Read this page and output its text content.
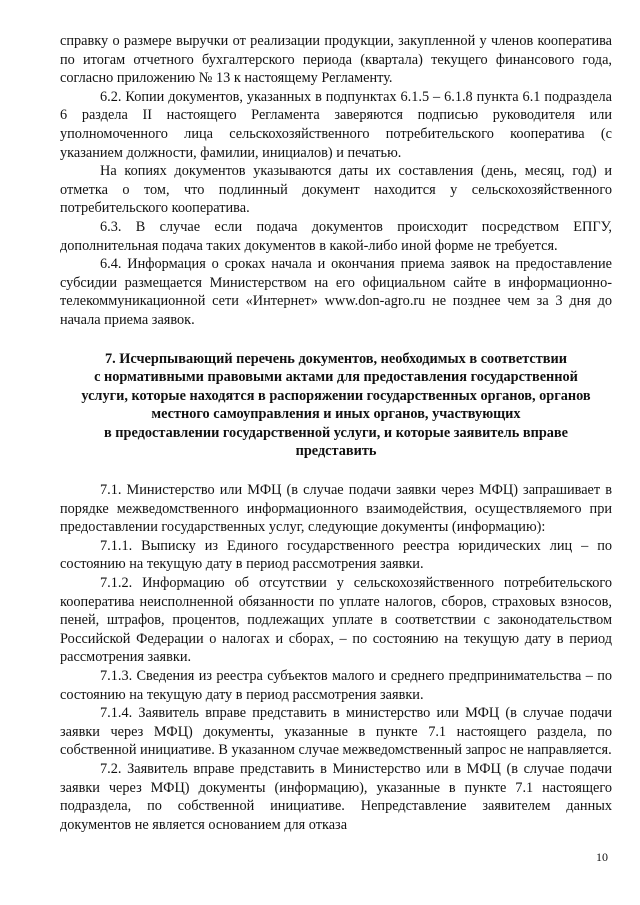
справку о размере выручки от реализации продукции, закупленной у членов кооператива по итогам отчетного бухгалтерского периода (квартала) текущего финансового года, согласно приложению № 13 к настоящему Регламенту.

6.2. Копии документов, указанных в подпунктах 6.1.5 – 6.1.8 пункта 6.1 подраздела 6 раздела II настоящего Регламента заверяются подписью руководителя или уполномоченного лица сельскохозяйственного потребительского кооператива (с указанием должности, фамилии, инициалов) и печатью.

На копиях документов указываются даты их составления (день, месяц, год) и отметка о том, что подлинный документ находится у сельскохозяйственного потребительского кооператива.

6.3. В случае если подача документов происходит посредством ЕПГУ, дополнительная подача таких документов в какой-либо иной форме не требуется.

6.4. Информация о сроках начала и окончания приема заявок на предоставление субсидии размещается Министерством на его официальном сайте в информационно-телекоммуникационной сети «Интернет» www.don-agro.ru не позднее чем за 3 дня до начала приема заявок.

7. Исчерпывающий перечень документов, необходимых в соответствии

с нормативными правовыми актами для предоставления государственной

услуги, которые находятся в распоряжении государственных органов, органов

местного самоуправления и иных органов, участвующих

в предоставлении государственной услуги, и которые заявитель вправе

представить

7.1. Министерство или МФЦ (в случае подачи заявки через МФЦ) запрашивает в порядке межведомственного информационного взаимодействия, осуществляемого при предоставлении государственных услуг, следующие документы (информацию):

7.1.1. Выписку из Единого государственного реестра юридических лиц – по состоянию на текущую дату в период рассмотрения заявки.

7.1.2. Информацию об отсутствии у сельскохозяйственного потребительского кооператива неисполненной обязанности по уплате налогов, сборов, страховых взносов, пеней, штрафов, процентов, подлежащих уплате в соответствии с законодательством Российской Федерации о налогах и сборах, – по состоянию на текущую дату в период рассмотрения заявки.

7.1.3. Сведения из реестра субъектов малого и среднего предпринимательства – по состоянию на текущую дату в период рассмотрения заявки.

7.1.4. Заявитель вправе представить в министерство или МФЦ (в случае подачи заявки через МФЦ) документы, указанные в пункте 7.1 настоящего раздела, по собственной инициативе. В указанном случае межведомственный запрос не направляется.

7.2. Заявитель вправе представить в Министерство или в МФЦ (в случае подачи заявки через МФЦ) документы (информацию), указанные в пункте 7.1 настоящего подраздела, по собственной инициативе. Непредставление заявителем данных документов не является основанием для отказа

10
